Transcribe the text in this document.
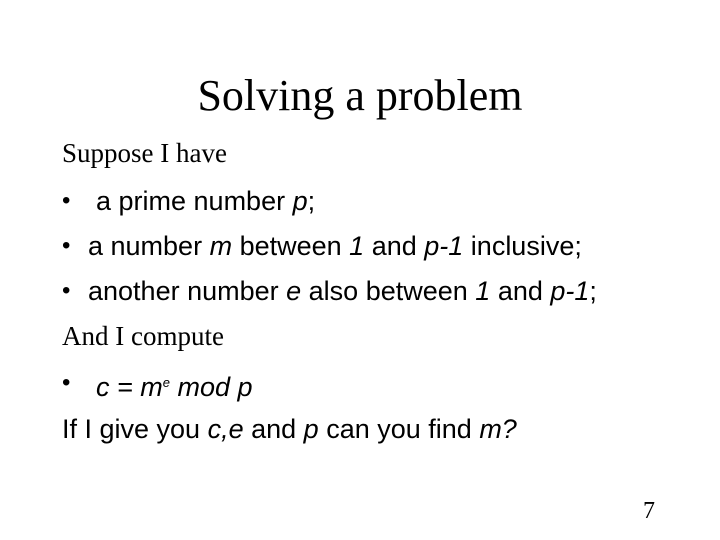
Solving a problem
Suppose I have
• a prime number p;
• a number m between 1 and p-1 inclusive;
• another number e also between 1 and p-1;
And I compute
• $c = m^e$ mod p
If I give you c,e and p can you find m?
7
